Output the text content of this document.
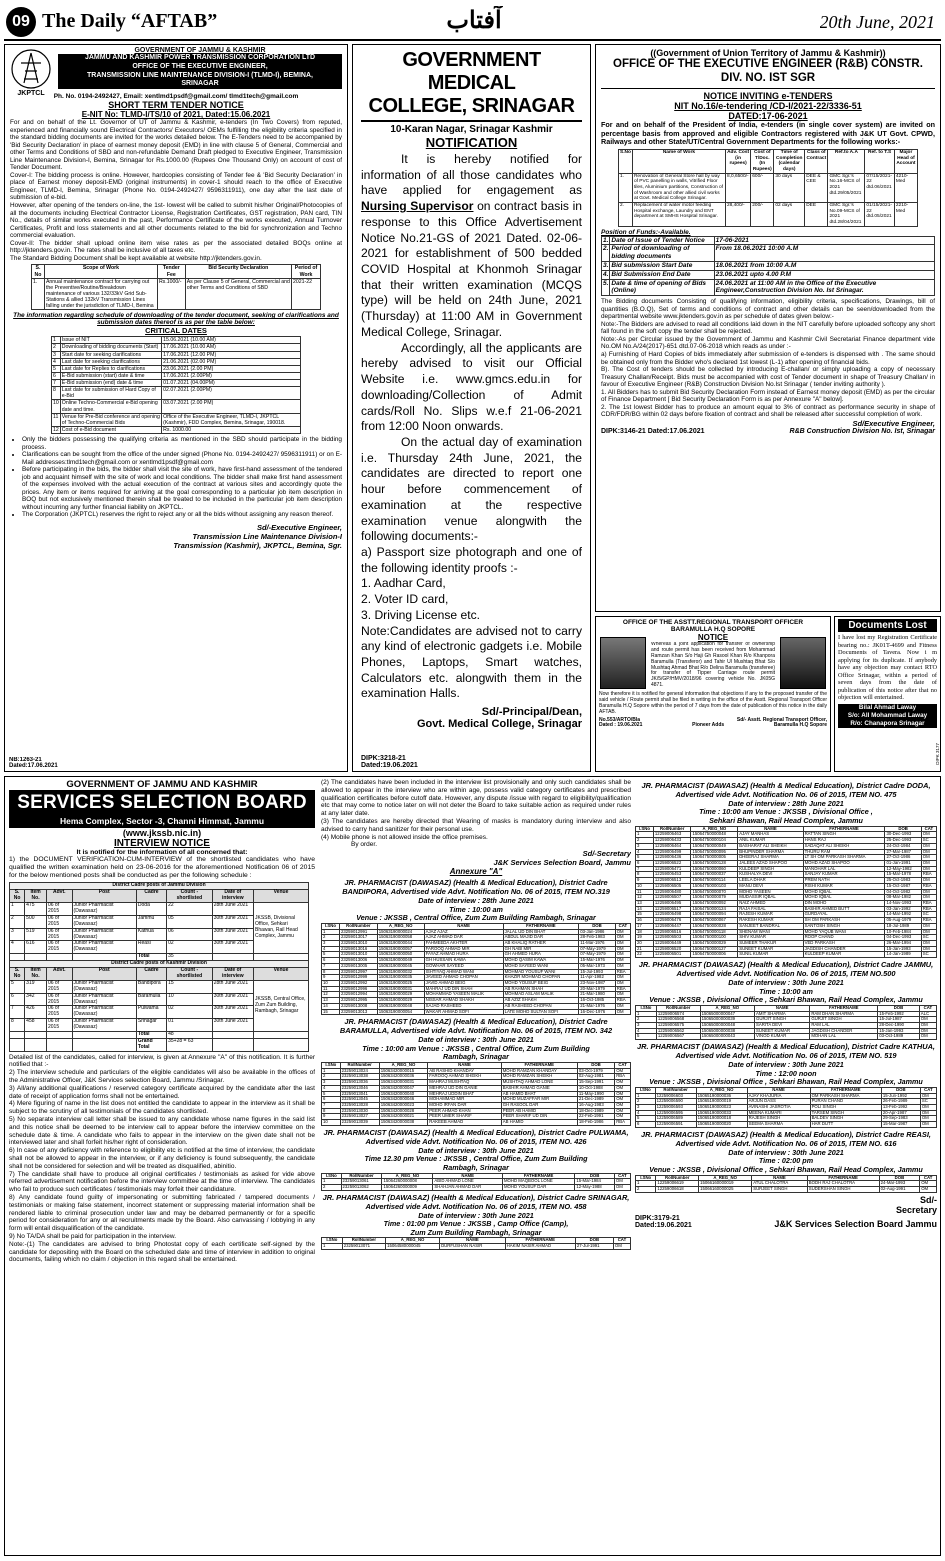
09 The Daily “AFTAB”	آفتاب	20th June, 2021
JKPTCL
GOVERNMENT OF JAMMU & KASHMIR
JAMMU AND KASHMIR POWER TRANSMISSION CORPORATION LTD
OFFICE OF THE EXECUTIVE ENGINEER,
TRANSMISSION LINE MAINTENANCE DIVISION-I (TLMD-I), BEMINA,
SRINAGAR
Ph. No. 0194-2492427, Email: xentlmd1psdf@gmail.com/ tlmd1tech@gmail.com
SHORT TERM TENDER NOTICE
E-NIT No: TLMD-I/TS/10 of 2021, Dated:15.06.2021

For and on behalf of the Lt. Governor of UT of Jammu & Kashmir, e-tenders (In Two Covers) from reputed, experienced and financially sound Electrical Contractors/ Executors/ OEMs fulfilling the eligibility criteria specified in the standard bidding documents are invited for the works detailed below. The E-Tenders need to be accompanied by 'Bid Security Declaration' in place of earnest money deposit (EMD) in line with clause 5 of General, Commercial and other Terms and Conditions of SBD and non-refundable Demand Draft pledged to Executive Engineer, Transmission Line Maintenance Division-I, Bemina, Srinagar for Rs.1000.00 (Rupees One Thousand Only) on account of cost of Tender Document.

Cover-I: The bidding process is online. However, hardcopies consisting of Tender fee & 'Bid Security Declaration' in place of Earnest money deposit-EMD (original instruments) in cover-1 should reach to the office of Executive Engineer, TLMD-I, Bemina, Srinagar (Phone No. 0194-2492427/ 9596311911), one day after the last date of submission of e-bid.

However, after opening of the tenders on-line, the 1st- lowest will be called to submit his/her Original/Photocopies of all the documents including Electrical Contractor License, Registration Certificates, GST registration, PAN card, TIN No., details of similar works executed in the past, Performance Certificate of the works executed, Annual Turnover Certificates, Profit and loss statements and all other documents related to the bid for synchronization and Techno commercial evaluation.

Cover-II: The bidder shall upload online item wise rates as per the associated detailed BOQs online at http://jktenders.gov.in. The rates shall be inclusive of all taxes etc.

The Standard Bidding Document shall be kept available at website http://jktenders.gov.in.

S. No	Scope of Work	Tender Fee	Bid Security Declaration	Period of Work
1.	Annual maintenance contract for carrying out the Preventive/Routine/Breakdown maintenance of various 132/33kV Grid Sub-Stations & allied 132kV Transmission Lines falling under the jurisdiction of TLMD-I, Bemina	Rs.1000/-	As per Clause 5 of General, Commercial and other Terms and Conditions of SBD	2021-22
The information regarding schedule of downloading of the tender document, seeking of clarifications and submission dates thereof is as per the table below:
CRITICAL DATES
1	Issue of NIT	15.06.2021 (10.00 AM)
2	Downloading of bidding documents (Start)	17.06.2021 (10.00 AM)
3	Start date for seeking clarifications	17.06.2021 (12.00 PM)
4	Last date for seeking clarifications	21.06.2021 (02.00 PM)
5	Last date for Replies to clarifications	23.06.2021 (2.00 PM)
6	E-Bid submission (start) date & time	17.06.2021 (2.00PM)
7	E-Bid submission (end) date & time	01.07.2021 (04.00PM)
8	Last date for submission of Hard Copy of e-Bid	02.07.2021 (2.00PM)
10	Online Techno-Commercial e-Bid opening date and time.	03.07.2021 (2.00 PM)
11	Venue for Pre-Bid conference and opening of Techno-Commercial Bids	Office of the Executive Engineer, TLMD-I, JKPTCL (Kashmir), FDD Complex, Bemina, Srinagar, 190018.
12	Cost of e-Bid document	Rs. 1000.00
• Only the bidders possessing the qualifying criteria as mentioned in the SBD should participate in the bidding process.
• Clarifications can be sought from the office of the under signed (Phone No. 0194-2492427/ 9596311911) or on E-Mail addresses:tlmd1tech@gmail.com or xentlmd1psdf@gmail.com
• Before participating in the bids, the bidder shall visit the site of work, have first-hand assessment of the tendered job and acquaint himself with the site of work and local conditions. The bidder shall make first hand assessment of the expenses involved with the actual execution of the contract at various sites and accordingly quote the prices. Any item or items required for arriving at the goal corresponding to a particular job item description in BOQ but not exclusively mentioned therein shall be treated to be included in the particular job item description without incurring any further financial liability on JKPTCL.
• The Corporation (JKPTCL) reserves the right to reject any or all the bids without assigning any reason thereof.
Sd/-Executive Engineer,
Transmission Line Maintenance Division-I
Transmission (Kashmir), JKPTCL, Bemina, Sgr.
NB:1263-21
Dated:17.06.2021
GOVERNMENT MEDICAL
COLLEGE, SRINAGAR
10-Karan Nagar, Srinagar Kashmir
NOTIFICATION

It is hereby notified for information of all those candidates who have applied for engagement as Nursing Supervisor on contract basis in response to this Office Advertisement Notice No.21-GS of 2021 Dated. 02-06-2021 for establishment of 500 bedded COVID Hospital at Khonmoh Srinagar that their written examination (MCQS type) will be held on 24th June, 2021 (Thursday) at 11:00 AM in Government Medical College, Srinagar.

Accordingly, all the applicants are hereby advised to visit our Official Website i.e. www.gmcs.edu.in for downloading/Collection of Admit cards/Roll No. Slips w.e.f 21-06-2021 from 12:00 Noon onwards.

On the actual day of examination i.e. Thursday 24th June, 2021, the candidates are directed to report one hour before commencement of examination at the respective examination venue alongwith the following documents:-

a) Passport size photograph and one of the following identity proofs :-

1. Aadhar Card,

2. Voter ID card,

3. Driving License etc.

Note:Candidates are advised not to carry any kind of electronic gadgets i.e. Mobile Phones, Laptops, Smart watches, Calculators etc. alongwith them in the examination Halls.

Sd/-Principal/Dean,
Govt. Medical College, Srinagar
DIPK:3218-21
Dated:19.06.2021
((Government of Union Territory of Jammu & Kashmir))
OFFICE OF THE EXECUTIVE ENGINEER (R&B) CONSTR.
DIV. NO. IST SGR
NOTICE INVITING e-TENDERS
NIT No.16/e-tendering /CD-I/2021-22/3336-51
DATED:17-06-2021

For and on behalf of the President of India, e-tenders (in single cover system) are invited on percentage basis from approved and eligible Contractors registered with J&K UT Govt. CPWD, Railways and other State/UT/Central Government Departments for the following works:-

S.No	Name of Work	Adv. Cost (in rupees)	Cost of T/Doc. (In Rupees)	Time of Completion (calendar days)	Class of Contract	Ref.to A.A	Ref. to T.S	Major Head of Account
1.	Renovation of General Store hall by way of PVC panelling in walls, Vitrified Floor tiles, Aluminium partitions, Construction of of Washroom and other allied civil works at Govt. Medical College Srinagar.	8,0,6500/-	600/-	30 days	DEE & CEE	GMC Sgr.'s No.16-MCS of 2021 dtd.29/05/2021	07/15/2021-22 dtd.06/2021	4210-Med
2.	Replacement of water motor feeding Hospital exchange, Laundry and ENT department at SMHS Hospital Srinagar.	28,400/-	200/-	02 days	DEE	GMC Sgr.'s No.09-MCS of 2021 dtd.28/04/2021	01/15/2021-22 dtd.05/2021	2210-Med
Position of Funds:-Available.
1.	Date of Issue of Tender Notice	17-06-2021
2.	Period of downloading of bidding documents	From 18.06.2021 10:00 A.M
3.	Bid submission Start Date	18.06.2021 from 10:00 A.M
4.	Bid Submission End Date	23.06.2021 upto 4.00 P.M
5.	Date & time of opening of Bids (Online)	24.06.2021 at 11:00 AM in the Office of the Executive Engineer,Construction Division No. Ist Srinagar.

The Bidding documents Consisting of qualifying information, eligibility criteria, specifications, Drawings, bill of quantities (B.O.Q), Set of terms and conditions of contract and other details can be seen/downloaded from the departmental website www.jktenders.gov.in as per schedule of dates given below:-

Note:-The Bidders are advised to read all conditions laid down in the NIT carefully before uploaded softcopy any short fall found in the soft copy the tender shall be rejected.

Note:-As per Circular issued by the Government of Jammu and Kashmir Civil Secretariat Finance department vide No.OM No.A/24(2017)-651 dtd.07-06-2018 which reads as under :-

a) Furnishing of Hard Copies of bids immediately after submission of e-tenders is dispensed with . The same should be obtained only from the Bidder who's declared 1st lowest (L-1) after opening of financial bids.

B). The Cost of tenders should be collected by introducing E-challan/ or simply uploading a copy of necessary Treasury Challan/Receipt. Bids must be accompanied with cost of Tender document in shape of Treasury Challan/ in favour of Executive Engineer (R&B) Construction Division No.Ist Srinagar ( tender inviting authority ).

1. All Bidders has to submit Bid Security Declaration Form instead of Earnest money deposit (EMD) as per the circular of Finance Department [ Bid Security Declaration Form is as per Annexure "A" below].

2. The 1st lowest Bidder has to produce an amount equal to 3% of contract as performance security in shape of CDR/FDR/BG within 02 days before fixation of contract and shall be released after successful completion of work.

Sd/Executive Engineer,
DIPK:3146-21 Dated:17.06.2021	R&B Construction Division No. Ist, Srinagar
OFFICE OF THE ASSTT.REGIONAL TRANSPORT OFFICER
BARAMULLA H.Q SOPORE
NOTICE
Whereas a joint application for transfer of ownership and route permit has been received from Mohammad Ramzan Khan S/o Haji Gh Rasool Khan R/o Khanpora Baramulla (Transferor) and Tahir Ul Mushtaq Bhat S/o Mushtaq Ahmad Bhat R/o Delina Baramulla (transferee) for transfer of Tipper Carriage route permit JK/5/GP/HMV/2018/96 covering vehicle No. JK05G 4871.

Now therefore it is notified for general information that objections if any to the proposed transfer of the said vehicle / Route permit shall be filed in writing in the office of the Asstt. Regional Transport Officer Baramulla H.Q Sopore within the period of 7 days from the date of publication of this notice in the daily AFTAB.

No.553/ARTO/Bla	Sd/- Asstt. Regional Transport Officer,
Dated : 19.06.2021	Pioneer Adds	Baramulla H.Q Sopore
Documents Lost

I have lost my Registration Certificate bearing no.: JK01T-4699 and Fitness Documents of Tavera. Now i m applying for its duplicate. If anybody have any objection may contact RTO Office Srinagar, within a period of seven days from the date of publication of this notice after that no objection will entertained.

Bilal Ahmad Laway
S/o: All Mohammad Laway
R/o: Chanapora Srinagar
DIPK 3177
GOVERNMENT OF JAMMU AND KASHMIR
SERVICES SELECTION BOARD
Hema Complex, Sector -3, Channi Himmat, Jammu
(www.jkssb.nic.in)
INTERVIEW NOTICE
It is notified for the information of all concerned that:

1) the DOCUMENT VERIFICATION-CUM-INTERVIEW of the shortlisted candidates who have qualified the written examination held on 23-06-2016 for the aforementioned Notification 06 of 2015 for the below mentioned posts shall be conducted as per the following schedule :

District Cadre posts of Jammu Division							
S. No	Item No.	Advt.	Post	Cadre	Count - shortlisted	Date of interview	Venue
1	475	06 of 2015	Junior Pharmacist (Dawasaz)	Doda	22	28th June 2021	JKSSB, Divisional Office, Sehkari Bhawan, Rail Head Complex, Jammu
2	500	06 of 2015	Junior Pharmacist (Dawasaz)	Jammu	05	30th June 2021	
3	519	06 of 2015	Junior Pharmacist (Dawasaz)	Kathua	06	30th June 2021	
4	616	06 of 2015	Junior Pharmacist (Dawasaz)	Reasi	02	30th June 2021	
				Total	35		
District Cadre posts of Kashmir Division							
S. No	Item No.	Advt.	Post	Cadre	Count - shortlisted	Date of interview	Venue
5	319	06 of 2015	Junior Pharmacist (Dawasaz)	Bandipora	15	28th June 2021	JKSSB, Central Office, Zum Zum Building, Rambagh, Srinagar
6	342	06 of 2015	Junior Pharmacist (Dawasaz)	Baramulla	10	30th June 2021	
7	426	06 of 2015	Junior Pharmacist (Dawasaz)	Pulwama	02	30th June 2021	
8	458	06 of 2015	Junior Pharmacist (Dawasaz)	Srinagar	01	30th June 2021	
				Total	48		
				Grand Total	35+28 = 63		

Detailed list of the candidates, called for interview, is given at Annexure "A" of this notification. It is further notified that :-

2) The interview schedule and particulars of the eligible candidates will also be available in the offices of the Administrative Officer, J&K Services selection Board, Jammu /Srinagar.

3) All/any additional qualifications / reserved category certificate acquired by the candidate after the last date of receipt of application forms shall not be entertained.

4) Mere figuring of name in the list does not entitled the candidate to appear in the interview as it shall be subject to the scrutiny of all testimonials of the candidates shortlisted.

5) No separate interview call letter shall be issued to any candidate whose name figures in the said list and this notice shall be deemed to be interview call to appear before the interview committee on the schedule date & time. A candidate who fails to appear in the interview on the given date shall not be interviewed later and shall forfeit his/her right of consideration.

6) In case of any deficiency with reference to eligibility etc is notified at the time of interview, the candidate shall not be allowed to appear in the interview, or if any deficiency is found subsequently, the candidate shall not be considered for selection and will be treated as disqualified, abinitio.

7) The candidate shall have to produce all original certificates / testimonials as asked for vide above referred advertisement notification before the interview committee at the time of interview. The candidates who fail to produce such certificates / testimonials may forfeit their candidature.

8) Any candidate found guilty of impersonating or submitting fabricated / tampered documents / testimonials or making false statement, incorrect statement or suppressing material information shall be rendered liable to criminal prosecution under law and may be debarred permanently or for a specific period for consideration for any or all recruitments made by the Board. Also canvassing / lobbying in any form will entail disqualification of the candidate.

9) No TA/DA shall be paid for participation in the interview.

Note:-(1) The candidates are advised to bring Photostat copy of each certificate self-signed by the candidate for depositing with the Board on the scheduled date and time of interview in addition to original documents, failing which no claim / objection in this regard shall be entertained.

(2) The candidates have been included in the interview list provisionally and only such candidates shall be allowed to appear in the interview who are within age, possess valid category certificates and prescribed qualification certificates before cutoff date. However, any dispute /issue with regard to eligibility/qualification etc that may come to notice later on will not deter the Board to take suitable action as required under rules at any later date.

(3) The candidates are hereby directed that Wearing of masks is mandatory during interview and also advised to carry hand sanitizer for their personal use.

(4) Mobile phone is not allowed inside the office premises.

By order.

Sd/-Secretary
J&K Services Selection Board, Jammu
Annexure "A"
JR. PHARMACIST (DAWASAZ) (Health & Medical Education), District Cadre BANDIPORA, Advertised vide Advt. Notification No. 06 of 2015, ITEM NO.319
Date of interview : 28th June 2021
Time : 10:00 am
Venue : JKSSB , Central Office, Zum Zum Building Rambagh, Srinagar
I.SNo	RollNumber	A_REG_NO	NAME	FATHERNAME	DOB	CAT
1	23259012991	15063190000024	AJAZ AJAZ	JALAL UD DIN BHAT	03-Jan-1986	OM
2	23259013017	15063190000058	AJAZ AHMAD DAR	ABDUL MAJID DAR	28-Feb-1983	OM
3	23259013010	15063190000044	FAHMEEDA AKHTER	AB KHALIQ RATHER	11-Mar-1976	OM
4	23259013016	15063190000057	FAROOQ AHMAD MIR	GH NABI MIR	07-May-1979	OM
5	23259013010	15063190000050	FAYAZ AHMAD HURA	GH AHMED HURA	07-May-1979	OM
6	23259013006	15063190000049	GH HUSSAIN KAWA	MOHD QASIM KAWA	15-Mar-1976	OM
7	23259013005	15063190000045	GOWHAR SAYEED	MOHD SAYEED WANI	05-Mar-1973	OM
8	23259012997	15063190000032	ISHTIYAQ AHMAD WANI	MOHMAD YOUSUF WANI	15-Jul-1993	RBA
9	23259012999	15063190000035	JAVEED AHMAD CHOPAN	KHAZIR MOHMAD CHOPAN	11-Apr-1982	OM
10	23259012992	15063190000025	JAVID AHMAD BEIG	MOHD YOUSUF BEIG	23-Nov-1987	OM
11	23259012996	15063190000031	MAHRAJ UD DIN SHAH	AB RAHMAN SHAH	20-Mar-1979	RBA
12	23259012994	15063190000029	MOHAMMAD YASEEN MALIK	MOHMAD ASLAM MALIK	21-Mar-1980	OM
13	23259012995	15063190000029	NISSAR AHMAD SHAKH	AB AZIZ SHAKH	16-Oct-1985	RBA
14	23259013008	15063190000048	SAJAD RASHEED	AB RASHEED CHOPAN	21-Mar-1976	OM
15	23259013013	15063190000054	WAKAR AHMAD SOFI	LATE MOHD SULTAN SOFI	16-Dec-1976	OM
JR. PHARMACIST (DAWASAZ) (Health & Medical Education), District Cadre BARAMULLA, Advertised vide Advt. Notification No. 06 of 2015, ITEM NO. 342
Date of interview : 30th June 2021
Time : 10:00 am Venue : JKSSB , Central Office, Zum Zum Building
Rambagh, Srinagar
I.SNo	RollNumber	A_REG_NO	NAME	FATHERNAME	DOB	CAT
1	23259013024	15063420000015	AB RASHID KHANDAY	MOHD RAMZAN KHANDAY	03-Oct-1979	OM
2	23259013038	15063420000036	FAROOQ AHMAD SHEIKH	MOHD RAMZAN SHEIKH	02-Aug-1981	RBA
3	23259013036	15063420000031	MAHRAJ MUSHTAQ	MUSHTAQ AHMAD LONE	15-Sep-1991	OM
4	23259013046	15063420000047	MEHRAJ UD DIN GANIE	BASHIR AHMAD GANIE	10-Oct-1988	OM
5	23259013041	15063420000040	MEHRAJ UDDIN BHAT	AB HAMID BHAT	11-May-1990	OM
6	23259013045	15063420000046	MOHAMMAD MIR	MOHD MUZAFFAR MIR	21-Dec-1989	OM
7	23259013028	15063420000023	MOHD IRFAN DAR	GH RASOOL DAR	16-Aug-1983	OM
8	23259013030	15063420000028	PEER AHMAD KHAN	PEER AB HAMID	18-Dec-1989	OM
9	23259013027	15063420000021	PEER UMER SHARIF	PEER SHARIF UD DIN	22-Feb-1991	OM
10	23259013039	15063420000038	RAKEEB AHMAD	AB HAMID	18-Feb-1986	RBA
JR. PHARMACIST (DAWASAZ) (Health & Medical Education), District Cadre PULWAMA, Advertised vide Advt. Notification No. 06 of 2015, ITEM NO. 426
Date of interview : 30th June 2021
Time 12.30 pm Venue : JKSSB , Central Office, Zum Zum Building
Rambagh, Srinagar
I.SNo	RollNumber	A_REG_NO	NAME	FATHERNAME	DOB	CAT
1	23259013061	15064260000008	ABID AHMAD LONE	MOHD MAQBOOL LONE	15-Mar-1984	OM
2	23259013062	15064260000009	SHAHJAN AHMAD DAR	MOHD YOUSUF DAR	12-May-1988	OM
JR. PHARMACIST (DAWASAZ) (Health & Medical Education), District Cadre SRINAGAR, Advertised vide Advt. Notification No. 06 of 2015, ITEM NO. 458
Date of interview : 30th June 2021
Time : 01:00 pm Venue : JKSSB , Camp Office (Camp),
Zum Zum Building Rambagh, Srinagar
I.SNo	RollNumber	A_REG_NO	NAME	FATHERNAME	DOB	CAT
1	23259013071	15064580000045	DURFUSHAN NASIR	HAKIM NASIR AHMAD	27-Jul-1991	OM
JR. PHARMACIST (DAWASAZ) (Health & Medical Education), District Cadre DODA, Advertised vide Advt. Notification No. 06 of 2015, ITEM NO. 475
Date of interview : 28th June 2021
Time : 10:00 am Venue : JKSSB , Divisional Office ,
Sehkari Bhawan, Rail Head Complex, Jammu
I.SNo	RollNumber	A_REG_NO	NAME	FATHERNAME	DOB	CAT
1	12259006463	15064750000048	AJAY MANHAS	RATTAN SINGH	30-Dec-1993	OM
2	12259006433	15064750000104	ANIL KUMAR	HANS RAJ	25-Dec-1993	SC
3	12259006464	15064750000049	BASHARAT ALI SHEIKH	SADAQAT ALI SHEIKH	24-Oct-1984	OM
4	12259006499	15064750000095	BHUPINDER SHARMA	THURU RAM	27-Mar-1987	OM
5	12259006436	15064750000005	DHEERAJ SHARMA	LT SH OM PARKASH SHARMA	27-Oct-1986	OM
6	12259006522	15064750000128	JALEES AZAD SHAPOO	MOHD AZAD SHAPOO	01-Jan-1991	OM
7	12259006471	15064750000060	KULDEEP SINGH	MANOHAR LAL	12-May-1982	OM
8	12259006453	15064750000037	KUSHALYA DEVI	SANJAY KUMAR	15-Mar-1978	RBA
9	12259006513	15064750000114	LEELA DHAR	PREM NATH	25-Oct-1983	OM
10	12259006505	15064750000103	MANU DEVI	RISHI KUMAR	15-Oct-1987	RBA
11	12259006480	15064750000070	MOHD YASEEN	MOHD IQBAL	04-Oct-1982	OM
12	12259006507	15064750000079	MUDASSIR IQBAL	MOHD IQBAL	08-Mar-1982	OM
13	12259006495	15064750000092	NAIZ AHMED	DIN MOHD	14-Nov-1993	RBA
14	12259006517	15064750000124	RAJA FAISAL	BASHIR AHMED BUTT	03-Jan-1992	RBA
15	12259006498	15064750000094	RAJESH KUMAR	GURDAYAL	14-Mar-1992	SC
16	12259006476	15064750000067	RAKESH KUMAR	SH OM PARKASH	05-Aug-1979	RBA
17	12259006447	15064750000028	SANJEET BANDRAL	SANTOSH SINGH	18-Jul-1989	OM
18	12259006516	15064750000118	SHENAM WANI	MOHD YAQUB WANI	10-Feb-1984	OM
19	12259006503	15064750000100	SHIV KUMAR	ROOP CHAND	04-Dec-1993	SC
20	12259006449	15064750000029	SUMEER THAKUR	VED PARKASH	26-Mar-1994	OM
21	12259006520	15064750000127	SUNEET KUMAR	JAGDISH CHANDER	15-Jan-1993	OM
22	12259006501	15064750000006	SUNIL KUMAR	KULDEEP KUMAR	14-Jan-1989	SC
JR. PHARMACIST (DAWASAZ) (Health & Medical Education), District Cadre JAMMU, Advertised vide Advt. Notification No. 06 of 2015, ITEM NO.500
Date of interview : 30th June 2021
Time : 10:00 am
Venue : JKSSB , Divisional Office , Sehkari Bhawan, Rail Head Complex, Jammu
I.SNo	RollNumber	A_REG_NO	NAME	FATHERNAME	DOB	CAT
1	12259006574	15065000000047	AMIT SHARMA	RAM DHAN SHARMA	15-Feb-1992	ALC
2	12259006568	15065000000039	GURJIT SINGH	GURJIT SINGH	15-Jul-1987	OM
3	12259006575	15065000000048	SARITA DEVI	RAM LAL	28-Dec-1990	OM
4	12259006562	15065000000038	SUNEET KUMAR	JAGDISH CHANDER	15-Jan-1993	OM
5	12259006567	15065000000043	VINOD KUMAR	MOHAN LAL	03-Oct-1989	OM
JR. PHARMACIST (DAWASAZ) (Health & Medical Education), District Cadre KATHUA, Advertised vide Advt. Notification No. 06 of 2015, ITEM NO. 519
Date of interview : 30th June 2021
Time : 12:00 noon
Venue : JKSSB , Divisional Office , Sehkari Bhawan, Rail Head Complex, Jammu
I.SNo	RollNumber	A_REG_NO	NAME	FATHERNAME	DOB	CAT
1	12259006603	15065190000036	AJAY KHAJURIA	OM PARKASH SHARMA	15-Jun-1992	OM
2	12259006590	15065190000019	ARJUN DASS	PURAN CHAND	26-Feb-1989	SC
3	12259006593	15065190000023	AVINASHI JASROTIA	POLI SINGH	13-Feb-1992	OM
4	12259006595	15065190000033	MEENA KUMARI	TARSEM SINGH	20-Apr-1987	OM
5	12259006589	15065190000018	RAJESH SINGH	BALDEV SINGH	29-Sep-1983	OM
6	12259006591	15065190000020	SEEMA SHARMA	HAR DUTT	15-Mar-1987	OM
JR. PHARMACIST (DAWASAZ) (Health & Medical Education), District Cadre REASI, Advertised vide Advt. Notification No. 06 of 2015, ITEM NO. 616
Date of interview : 30th June 2021
Time : 02:00 pm
Venue : JKSSB , Divisional Office , Sehkari Bhawan, Rail Head Complex, Jammu
I.SNo	RollNumber	A_REG_NO	NAME	FATHERNAME	DOB	CAT
1	12259006619	15066160000019	ATUL CHALOTRA	BODH RAJ CHALOTRA	24-Mar-1993	OM
2	12259006618	15066160000025	SURJEET SINGH	SUDERSHAN SINGH	02-Aug-1991	OM
Sd/-
Secretary
DIPK:3179-21
Dated:19.06.2021	J&K Services Selection Board Jammu
